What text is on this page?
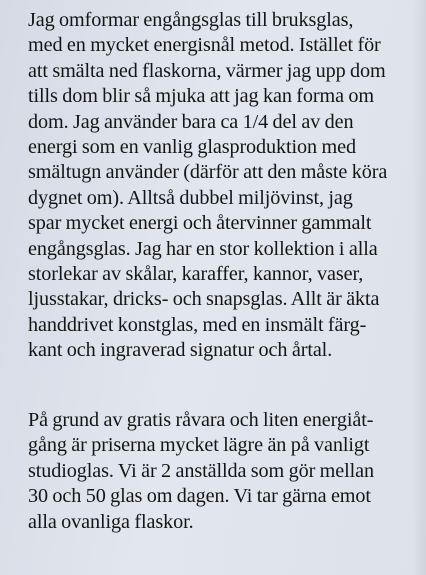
Jag omformar engångsglas till bruksglas,
med en mycket energisnål metod. Istället för
att smälta ned flaskorna, värmer jag upp dom
tills dom blir så mjuka att jag kan forma om
dom. Jag använder bara ca 1/4 del av den
energi som en vanlig glasproduktion med
smältugn använder (därför att den måste köra
dygnet om). Alltså dubbel miljövinst, jag
spar mycket energi och återvinner gammalt
engångsglas. Jag har en stor kollektion i alla
storlekar av skålar, karaffer, kannor, vaser,
ljusstakar, dricks- och snapsglas. Allt är äkta
handdrivet konstglas, med en insmält färg-
kant och ingraverad signatur och årtal.

På grund av gratis råvara och liten energiåt-
gång är priserna mycket lägre än på vanligt
studioglas. Vi är 2 anställda som gör mellan
30 och 50 glas om dagen. Vi tar gärna emot
alla ovanliga flaskor.
